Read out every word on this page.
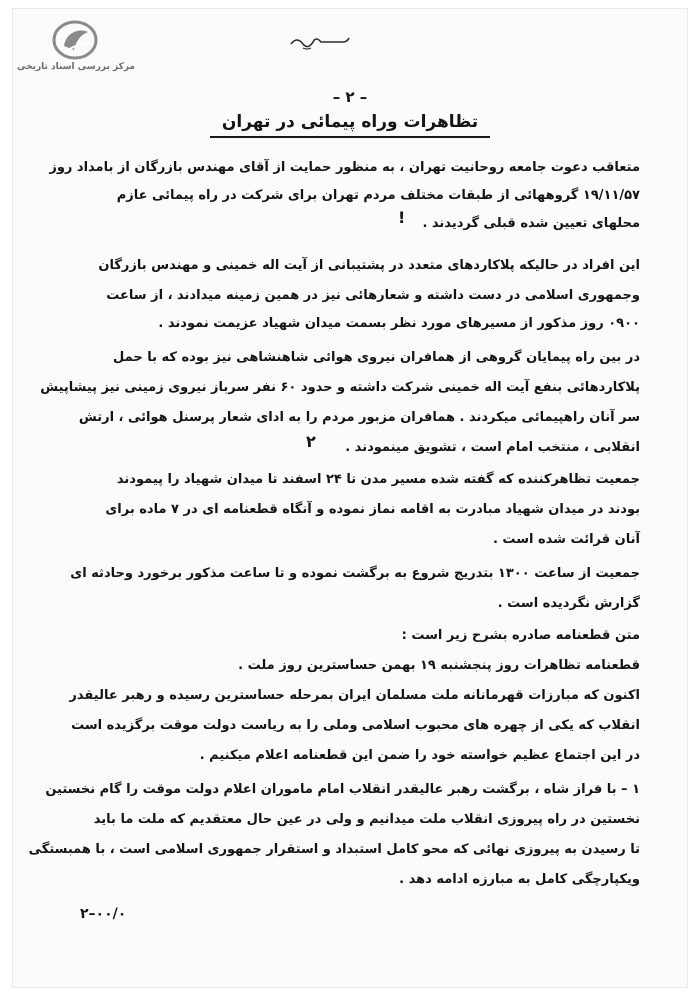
مرکز بررسی اسناد تاریخی
– ۲ –
تظاهرات وراه پیمائی در تهران
متعاقب دعوت جامعه روحانیت تهران ، به منظور حمایت از آقای مهندس بازرگان از بامداد روز
۱۹/۱۱/۵۷ گروههائی از طبقات مختلف مردم تهران برای شرکت در راه پیمائی عازم
محلهای تعیین شده قبلی گردیدند .
این افراد در حالیکه پلاکاردهای متعدد در پشتیبانی از آیت اله خمینی و مهندس بازرگان
وجمهوری اسلامی در دست داشته و شعارهائی نیز در همین زمینه میدادند ، از ساعت
۰۹۰۰ روز مذکور از مسیرهای مورد نظر بسمت میدان شهیاد عزیمت نمودند .
در بین راه پیمایان گروهی از همافران نیروی هوائی شاهنشاهی نیز بوده که با حمل
پلاکاردهائی بنفع آیت اله خمینی شرکت داشته و حدود ۶۰ نفر سرباز نیروی زمینی نیز پیشاپیش
سر آنان راهپیمائی میکردند . همافران مزبور مردم را به ادای شعار پرسنل هوائی ، ارتش
انقلابی ، منتخب امام است ، تشویق مینمودند .
جمعیت تظاهرکننده که گفته شده مسیر مدن تا ۲۴ اسفند تا میدان شهیاد را پیمودند
بودند در میدان شهیاد مبادرت به اقامه نماز نموده و آنگاه قطعنامه ای در ۷ ماده برای
آنان قرائت شده است .
جمعیت از ساعت ۱۳۰۰ بتدریج شروع به برگشت نموده و تا ساعت مذکور برخورد وحادثه ای
گزارش نگردیده است .
متن قطعنامه صادره بشرح زیر است :
قطعنامه تظاهرات روز پنجشنبه ۱۹ بهمن حساسترین روز ملت .
اکنون که مبارزات قهرمانانه ملت مسلمان ایران بمرحله حساسترین رسیده و رهبر عالیقدر
انقلاب که یکی از چهره های محبوب اسلامی وملی را به ریاست دولت موقت برگزیده است
در این اجتماع عظیم خواسته خود را ضمن این قطعنامه اعلام میکنیم .
۱ – با فراز شاه ، برگشت رهبر عالیقدر انقلاب امام ماموران اعلام دولت موقت را گام نخستین
نخستین در راه پیروزی انقلاب ملت میدانیم و ولی در عین حال معتقدیم که ملت ما باید
تا رسیدن به پیروزی نهائی که محو کامل استبداد و استقرار جمهوری اسلامی است ، با همبستگی
ویکپارچگی کامل به مبارزه ادامه دهد .
!
٢
۲–۰۰/۰
